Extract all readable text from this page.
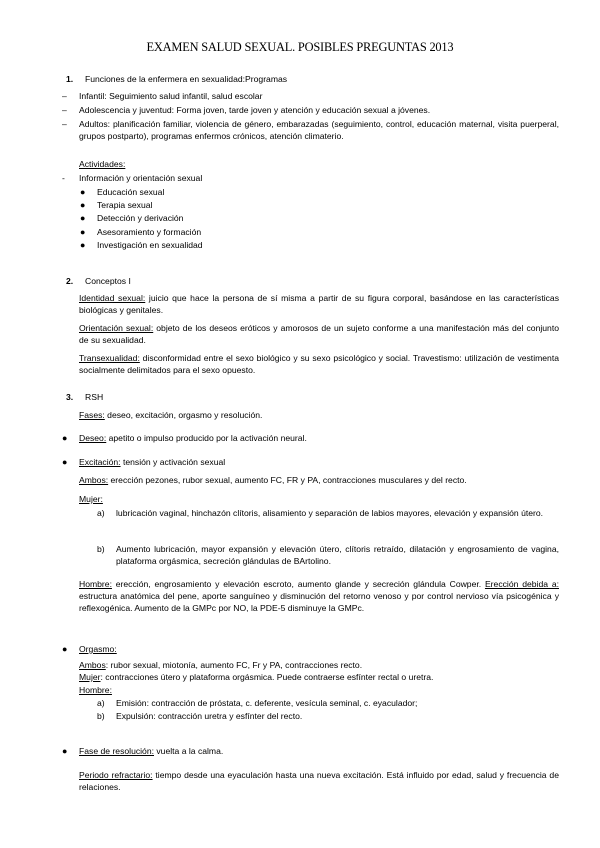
EXAMEN SALUD SEXUAL. POSIBLES PREGUNTAS 2013
1. Funciones de la enfermera en sexualidad:Programas
– Infantil: Seguimiento salud infantil, salud escolar
– Adolescencia y juventud: Forma joven, tarde joven y atención y educación sexual a jóvenes.
– Adultos: planificación familiar, violencia de género, embarazadas (seguimiento, control, educación maternal, visita puerperal, grupos postparto), programas enfermos crónicos, atención climaterio.
Actividades:
- Información y orientación sexual
● Educación sexual
● Terapia sexual
● Detección y derivación
● Asesoramiento y formación
● Investigación en sexualidad
2. Conceptos I

Identidad sexual: juicio que hace la persona de sí misma a partir de su figura corporal, basándose en las características biológicas y genitales.

Orientación sexual: objeto de los deseos eróticos y amorosos de un sujeto conforme a una manifestación más del conjunto de su sexualidad.

Transexualidad: disconformidad entre el sexo biológico y su sexo psicológico y social. Travestismo: utilización de vestimenta socialmente delimitados para el sexo opuesto.

3. RSH

Fases: deseo, excitación, orgasmo y resolución.

● Deseo: apetito o impulso producido por la activación neural.

● Excitación: tensión y activación sexual

Ambos: erección pezones, rubor sexual, aumento FC, FR y PA, contracciones musculares y del recto.

Mujer:
a) lubricación vaginal, hinchazón clítoris, alisamiento y separación de labios mayores, elevación y expansión útero.
b) Aumento lubricación, mayor expansión y elevación útero, clítoris retraído, dilatación y engrosamiento de vagina, plataforma orgásmica, secreción glándulas de BArtolino.

Hombre: erección, engrosamiento y elevación escroto, aumento glande y secreción glándula Cowper. Erección debida a: estructura anatómica del pene, aporte sanguíneo y disminución del retorno venoso y por control nervioso vía psicogénica y reflexogénica. Aumento de la GMPc por NO, la PDE-5 disminuye la GMPc.

● Orgasmo:

Ambos: rubor sexual, miotonía, aumento FC, Fr y PA, contracciones recto.

Mujer: contracciones útero y plataforma orgásmica. Puede contraerse esfínter rectal o uretra.

Hombre:
a) Emisión: contracción de próstata, c. deferente, vesícula seminal, c. eyaculador;
b) Expulsión: contracción uretra y esfínter del recto.
● Fase de resolución: vuelta a la calma.

Periodo refractario: tiempo desde una eyaculación hasta una nueva excitación. Está influido por edad, salud y frecuencia de relaciones.
